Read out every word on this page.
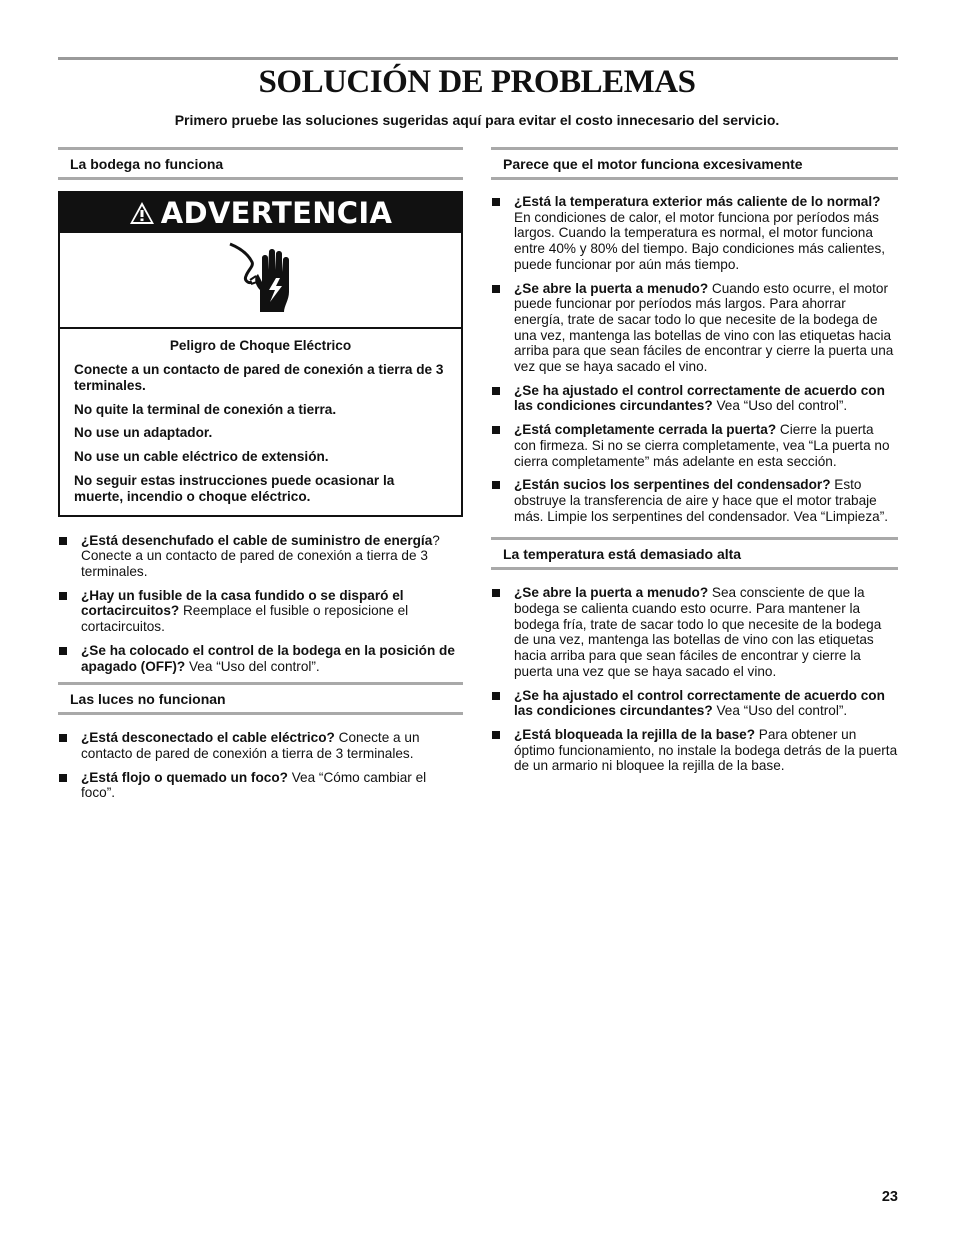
SOLUCIÓN DE PROBLEMAS
Primero pruebe las soluciones sugeridas aquí para evitar el costo innecesario del servicio.
La bodega no funciona
ADVERTENCIA
Peligro de Choque Eléctrico

Conecte a un contacto de pared de conexión a tierra de 3 terminales.

No quite la terminal de conexión a tierra.

No use un adaptador.

No use un cable eléctrico de extensión.

No seguir estas instrucciones puede ocasionar la muerte, incendio o choque eléctrico.

¿Está desenchufado el cable de suministro de energía? Conecte a un contacto de pared de conexión a tierra de 3 terminales.
¿Hay un fusible de la casa fundido o se disparó el cortacircuitos? Reemplace el fusible o reposicione el cortacircuitos.
¿Se ha colocado el control de la bodega en la posición de apagado (OFF)? Vea “Uso del control”.
Las luces no funcionan
¿Está desconectado el cable eléctrico? Conecte a un contacto de pared de conexión a tierra de 3 terminales.
¿Está flojo o quemado un foco? Vea “Cómo cambiar el foco”.
Parece que el motor funciona excesivamente
¿Está la temperatura exterior más caliente de lo normal? En condiciones de calor, el motor funciona por períodos más largos. Cuando la temperatura es normal, el motor funciona entre 40% y 80% del tiempo. Bajo condiciones más calientes, puede funcionar por aún más tiempo.
¿Se abre la puerta a menudo? Cuando esto ocurre, el motor puede funcionar por períodos más largos. Para ahorrar energía, trate de sacar todo lo que necesite de la bodega de una vez, mantenga las botellas de vino con las etiquetas hacia arriba para que sean fáciles de encontrar y cierre la puerta una vez que se haya sacado el vino.
¿Se ha ajustado el control correctamente de acuerdo con las condiciones circundantes? Vea “Uso del control”.
¿Está completamente cerrada la puerta? Cierre la puerta con firmeza. Si no se cierra completamente, vea “La puerta no cierra completamente” más adelante en esta sección.
¿Están sucios los serpentines del condensador? Esto obstruye la transferencia de aire y hace que el motor trabaje más. Limpie los serpentines del condensador. Vea “Limpieza”.
La temperatura está demasiado alta
¿Se abre la puerta a menudo? Sea consciente de que la bodega se calienta cuando esto ocurre. Para mantener la bodega fría, trate de sacar todo lo que necesite de la bodega de una vez, mantenga las botellas de vino con las etiquetas hacia arriba para que sean fáciles de encontrar y cierre la puerta una vez que se haya sacado el vino.
¿Se ha ajustado el control correctamente de acuerdo con las condiciones circundantes? Vea “Uso del control”.
¿Está bloqueada la rejilla de la base? Para obtener un óptimo funcionamiento, no instale la bodega detrás de la puerta de un armario ni bloquee la rejilla de la base.
23
